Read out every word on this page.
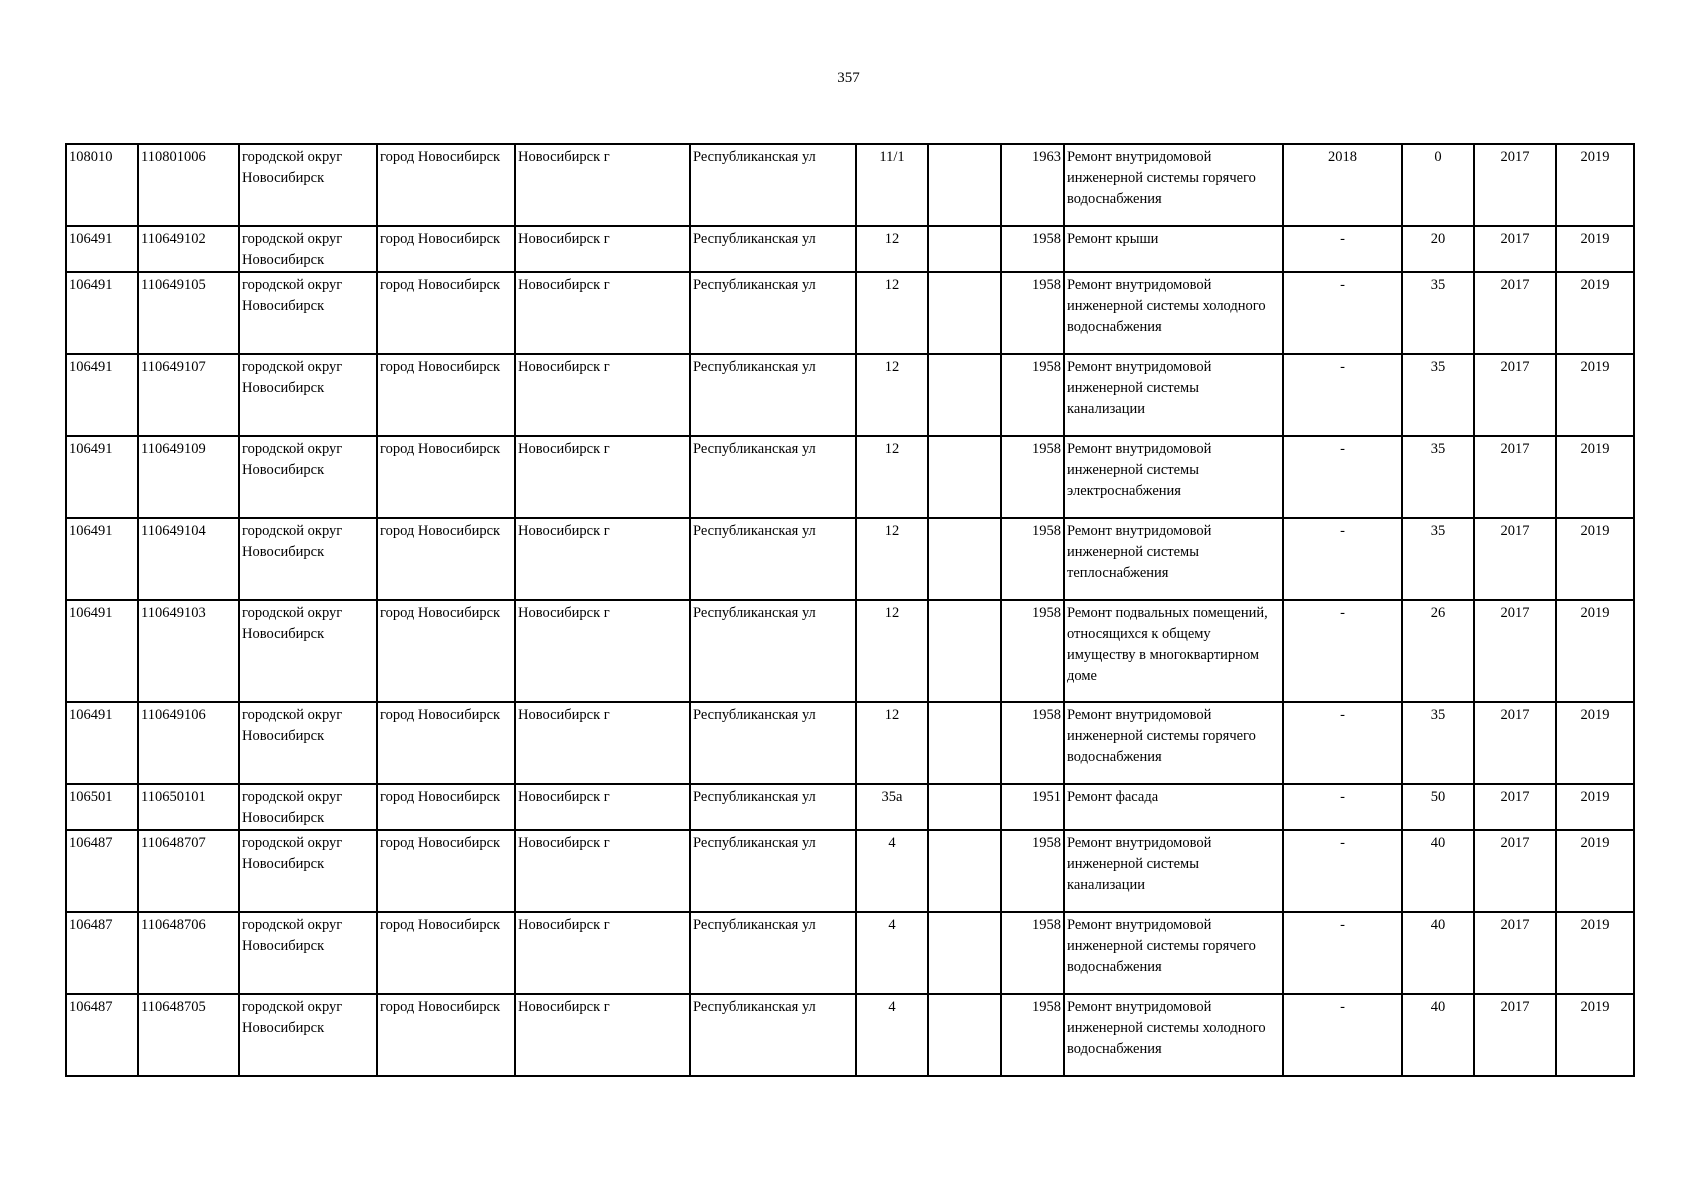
357
108010	110801006	городской округ Новосибирск	город Новосибирск	Новосибирск г	Республиканская ул	11/1		1963	Ремонт внутридомовой инженерной системы горячего водоснабжения	2018	0	2017	2019
106491	110649102	городской округ Новосибирск	город Новосибирск	Новосибирск г	Республиканская ул	12		1958	Ремонт крыши	-	20	2017	2019
106491	110649105	городской округ Новосибирск	город Новосибирск	Новосибирск г	Республиканская ул	12		1958	Ремонт внутридомовой инженерной системы холодного водоснабжения	-	35	2017	2019
106491	110649107	городской округ Новосибирск	город Новосибирск	Новосибирск г	Республиканская ул	12		1958	Ремонт внутридомовой инженерной системы канализации	-	35	2017	2019
106491	110649109	городской округ Новосибирск	город Новосибирск	Новосибирск г	Республиканская ул	12		1958	Ремонт внутридомовой инженерной системы электроснабжения	-	35	2017	2019
106491	110649104	городской округ Новосибирск	город Новосибирск	Новосибирск г	Республиканская ул	12		1958	Ремонт внутридомовой инженерной системы теплоснабжения	-	35	2017	2019
106491	110649103	городской округ Новосибирск	город Новосибирск	Новосибирск г	Республиканская ул	12		1958	Ремонт подвальных помещений, относящихся к общему имуществу в многоквартирном доме	-	26	2017	2019
106491	110649106	городской округ Новосибирск	город Новосибирск	Новосибирск г	Республиканская ул	12		1958	Ремонт внутридомовой инженерной системы горячего водоснабжения	-	35	2017	2019
106501	110650101	городской округ Новосибирск	город Новосибирск	Новосибирск г	Республиканская ул	35а		1951	Ремонт фасада	-	50	2017	2019
106487	110648707	городской округ Новосибирск	город Новосибирск	Новосибирск г	Республиканская ул	4		1958	Ремонт внутридомовой инженерной системы канализации	-	40	2017	2019
106487	110648706	городской округ Новосибирск	город Новосибирск	Новосибирск г	Республиканская ул	4		1958	Ремонт внутридомовой инженерной системы горячего водоснабжения	-	40	2017	2019
106487	110648705	городской округ Новосибирск	город Новосибирск	Новосибирск г	Республиканская ул	4		1958	Ремонт внутридомовой инженерной системы холодного водоснабжения	-	40	2017	2019
